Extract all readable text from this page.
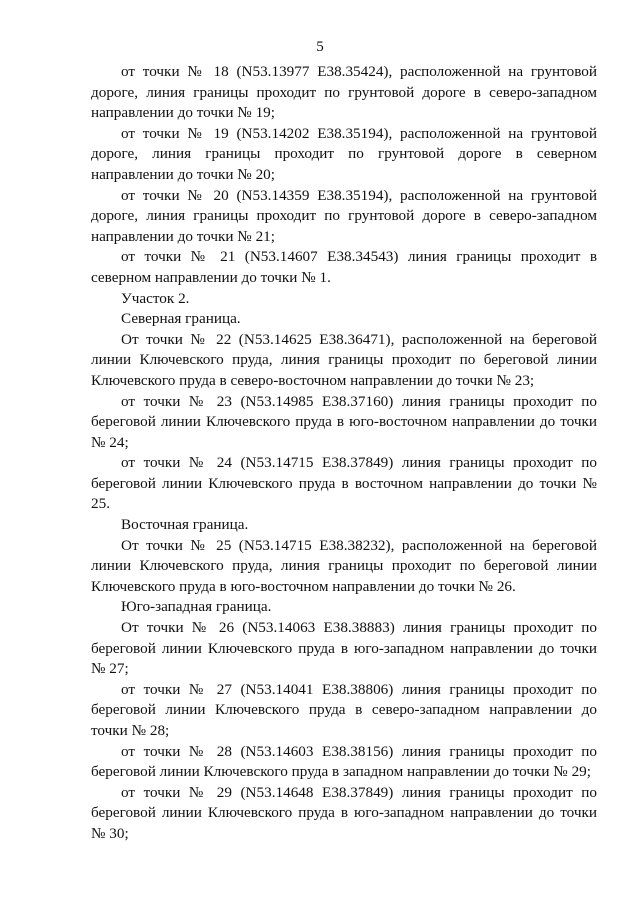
5

от точки № 18 (N53.13977 E38.35424), расположенной на грунтовой дороге, линия границы проходит по грунтовой дороге в северо-западном направлении до точки № 19;

от точки № 19 (N53.14202 E38.35194), расположенной на грунтовой дороге, линия границы проходит по грунтовой дороге в северном направлении до точки № 20;

от точки № 20 (N53.14359 E38.35194), расположенной на грунтовой дороге, линия границы проходит по грунтовой дороге в северо-западном направлении до точки № 21;

от точки № 21 (N53.14607 E38.34543) линия границы проходит в северном направлении до точки № 1.

Участок 2.

Северная граница.

От точки № 22 (N53.14625 E38.36471), расположенной на береговой линии Ключевского пруда, линия границы проходит по береговой линии Ключевского пруда в северо-восточном направлении до точки № 23;

от точки № 23 (N53.14985 E38.37160) линия границы проходит по береговой линии Ключевского пруда в юго-восточном направлении до точки № 24;

от точки № 24 (N53.14715 E38.37849) линия границы проходит по береговой линии Ключевского пруда в восточном направлении до точки № 25.

Восточная граница.

От точки № 25 (N53.14715 E38.38232), расположенной на береговой линии Ключевского пруда, линия границы проходит по береговой линии Ключевского пруда в юго-восточном направлении до точки № 26.

Юго-западная граница.

От точки № 26 (N53.14063 E38.38883) линия границы проходит по береговой линии Ключевского пруда в юго-западном направлении до точки № 27;

от точки № 27 (N53.14041 E38.38806) линия границы проходит по береговой линии Ключевского пруда в северо-западном направлении до точки № 28;

от точки № 28 (N53.14603 E38.38156) линия границы проходит по береговой линии Ключевского пруда в западном направлении до точки № 29;

от точки № 29 (N53.14648 E38.37849) линия границы проходит по береговой линии Ключевского пруда в юго-западном направлении до точки № 30;
